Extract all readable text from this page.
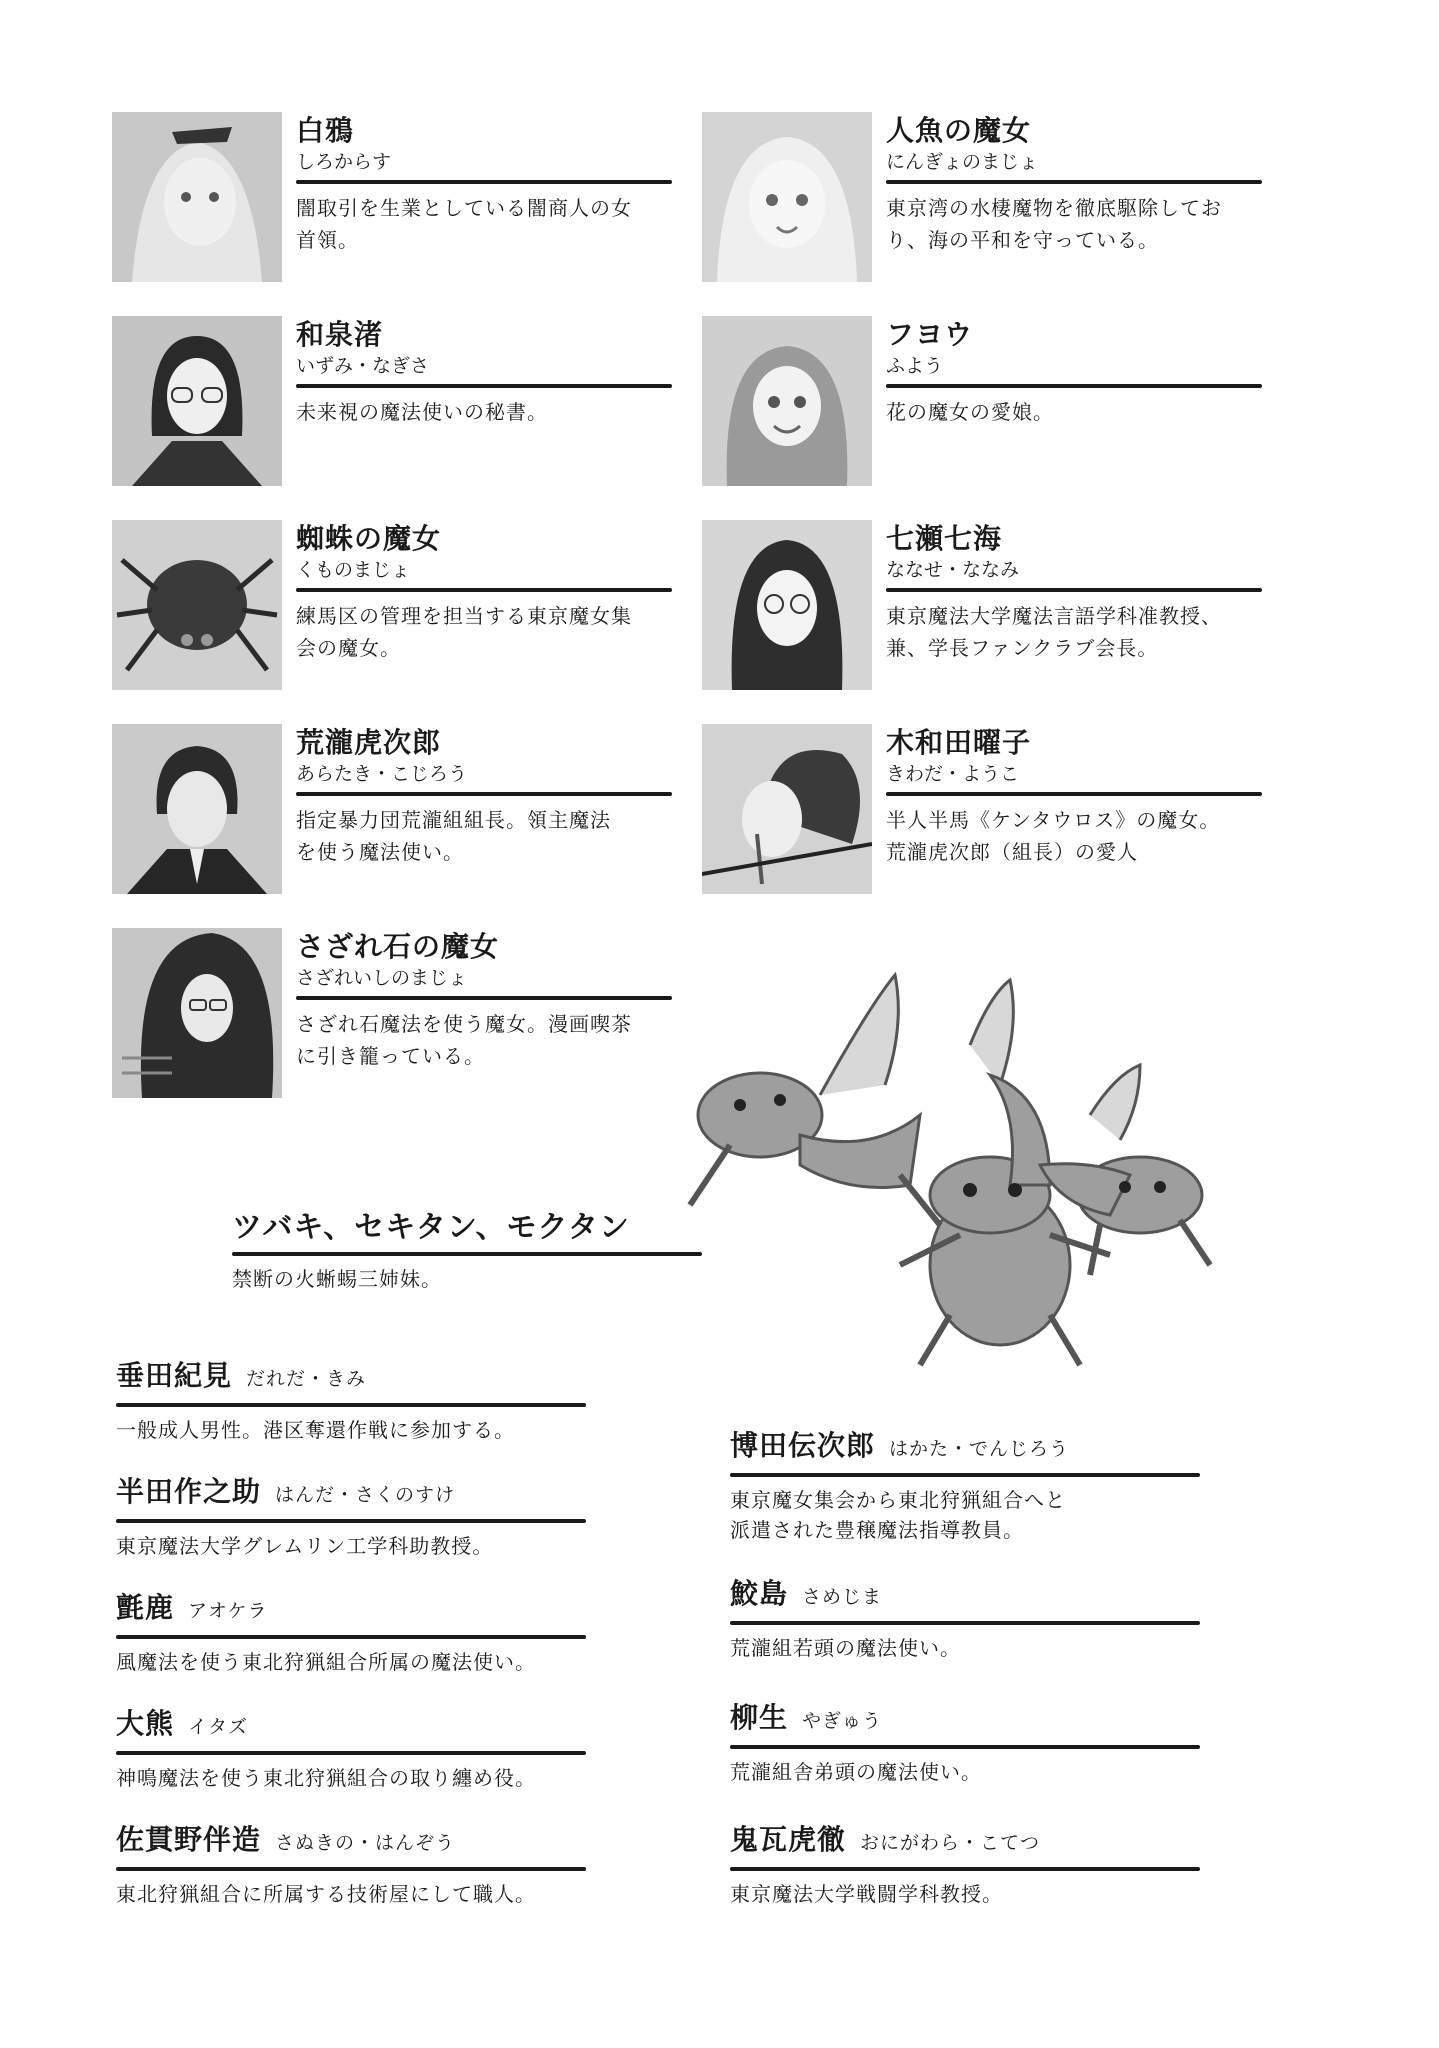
白鴉
しろからす
闇取引を生業としている闇商人の女
首領。
人魚の魔女
にんぎょのまじょ
東京湾の水棲魔物を徹底駆除してお
り、海の平和を守っている。
和泉渚
いずみ・なぎさ
未来視の魔法使いの秘書。
フヨウ
ふよう
花の魔女の愛娘。
蜘蛛の魔女
くものまじょ
練馬区の管理を担当する東京魔女集
会の魔女。
七瀬七海
ななせ・ななみ
東京魔法大学魔法言語学科准教授、
兼、学長ファンクラブ会長。
荒瀧虎次郎
あらたき・こじろう
指定暴力団荒瀧組組長。領主魔法
を使う魔法使い。
木和田曜子
きわだ・ようこ
半人半馬《ケンタウロス》の魔女。
荒瀧虎次郎（組長）の愛人
さざれ石の魔女
さざれいしのまじょ
さざれ石魔法を使う魔女。漫画喫茶
に引き籠っている。
ツバキ、セキタン、モクタン
禁断の火蜥蜴三姉妹。
垂田紀見 だれだ・きみ
一般成人男性。港区奪還作戦に参加する。
半田作之助 はんだ・さくのすけ
東京魔法大学グレムリン工学科助教授。
氈鹿 アオケラ
風魔法を使う東北狩猟組合所属の魔法使い。
大熊 イタズ
神鳴魔法を使う東北狩猟組合の取り纏め役。
佐貫野伴造 さぬきの・はんぞう
東北狩猟組合に所属する技術屋にして職人。
博田伝次郎 はかた・でんじろう
東京魔女集会から東北狩猟組合へと
派遣された豊穣魔法指導教員。
鮫島 さめじま
荒瀧組若頭の魔法使い。
柳生 やぎゅう
荒瀧組舎弟頭の魔法使い。
鬼瓦虎徹 おにがわら・こてつ
東京魔法大学戦闘学科教授。
